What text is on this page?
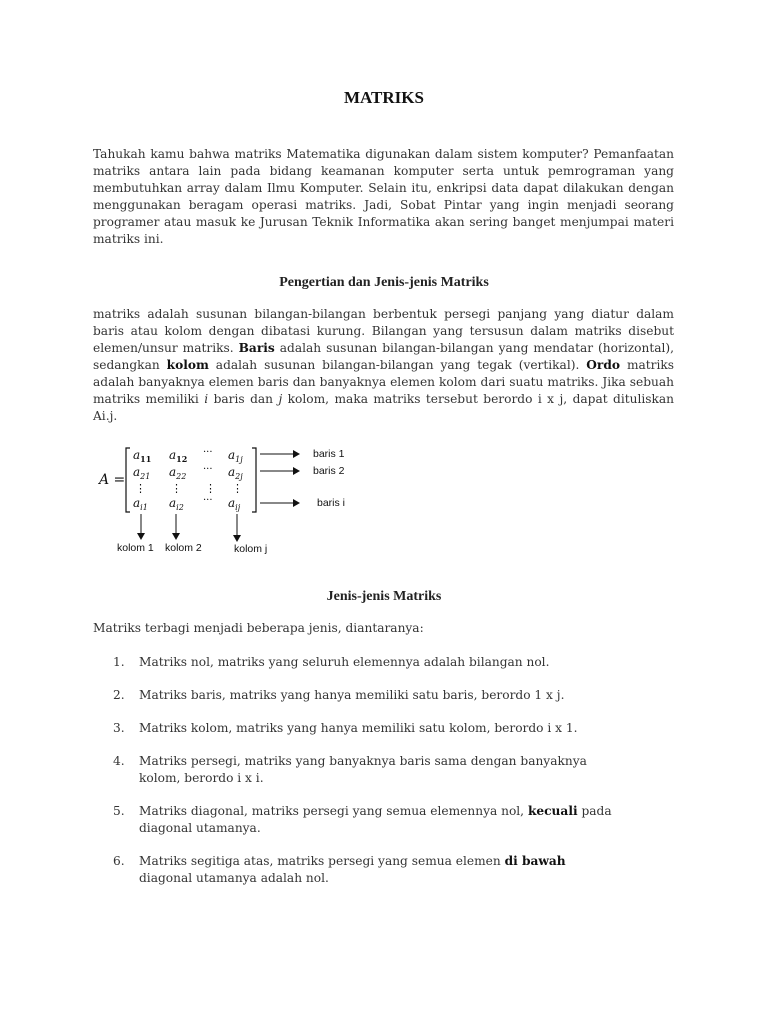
MATRIKS

Tahukah kamu bahwa matriks Matematika digunakan dalam sistem komputer? Pemanfaatan matriks antara lain pada bidang keamanan komputer serta untuk pemrograman yang membutuhkan array dalam Ilmu Komputer. Selain itu, enkripsi data dapat dilakukan dengan menggunakan beragam operasi matriks. Jadi, Sobat Pintar yang ingin menjadi seorang programer atau masuk ke Jurusan Teknik Informatika akan sering banget menjumpai materi matriks ini.

Pengertian dan Jenis-jenis Matriks

matriks adalah susunan bilangan-bilangan berbentuk persegi panjang yang diatur dalam baris atau kolom dengan dibatasi kurung. Bilangan yang tersusun dalam matriks disebut elemen/unsur matriks. Baris adalah susunan bilangan-bilangan yang mendatar (horizontal), sedangkan kolom adalah susunan bilangan-bilangan yang tegak (vertikal). Ordo matriks adalah banyaknya elemen baris dan banyaknya elemen kolom dari suatu matriks. Jika sebuah matriks memiliki i baris dan j kolom, maka matriks tersebut berordo i x j, dapat dituliskan Ai.j.

A =
$a_{11}$ $a_{12}$
··· $a_{1j}$
$a_{21}$ $a_{22}$
··· $a_{2j}$
⋮ ⋮ ⋮ ⋮
$a_{i1}$ $a_{i2}$
··· $a_{ij}$
baris 1
baris 2
baris i
kolom 1 kolom 2	kolom j
Jenis-jenis Matriks

Matriks terbagi menjadi beberapa jenis, diantaranya:

1. Matriks nol, matriks yang seluruh elemennya adalah bilangan nol.
2. Matriks baris, matriks yang hanya memiliki satu baris, berordo 1 x j.
3. Matriks kolom, matriks yang hanya memiliki satu kolom, berordo i x 1.
4. Matriks persegi, matriks yang banyaknya baris sama dengan banyaknya kolom, berordo i x i.
5. Matriks diagonal, matriks persegi yang semua elemennya nol, kecuali pada diagonal utamanya.
6. Matriks segitiga atas, matriks persegi yang semua elemen di bawah diagonal utamanya adalah nol.
